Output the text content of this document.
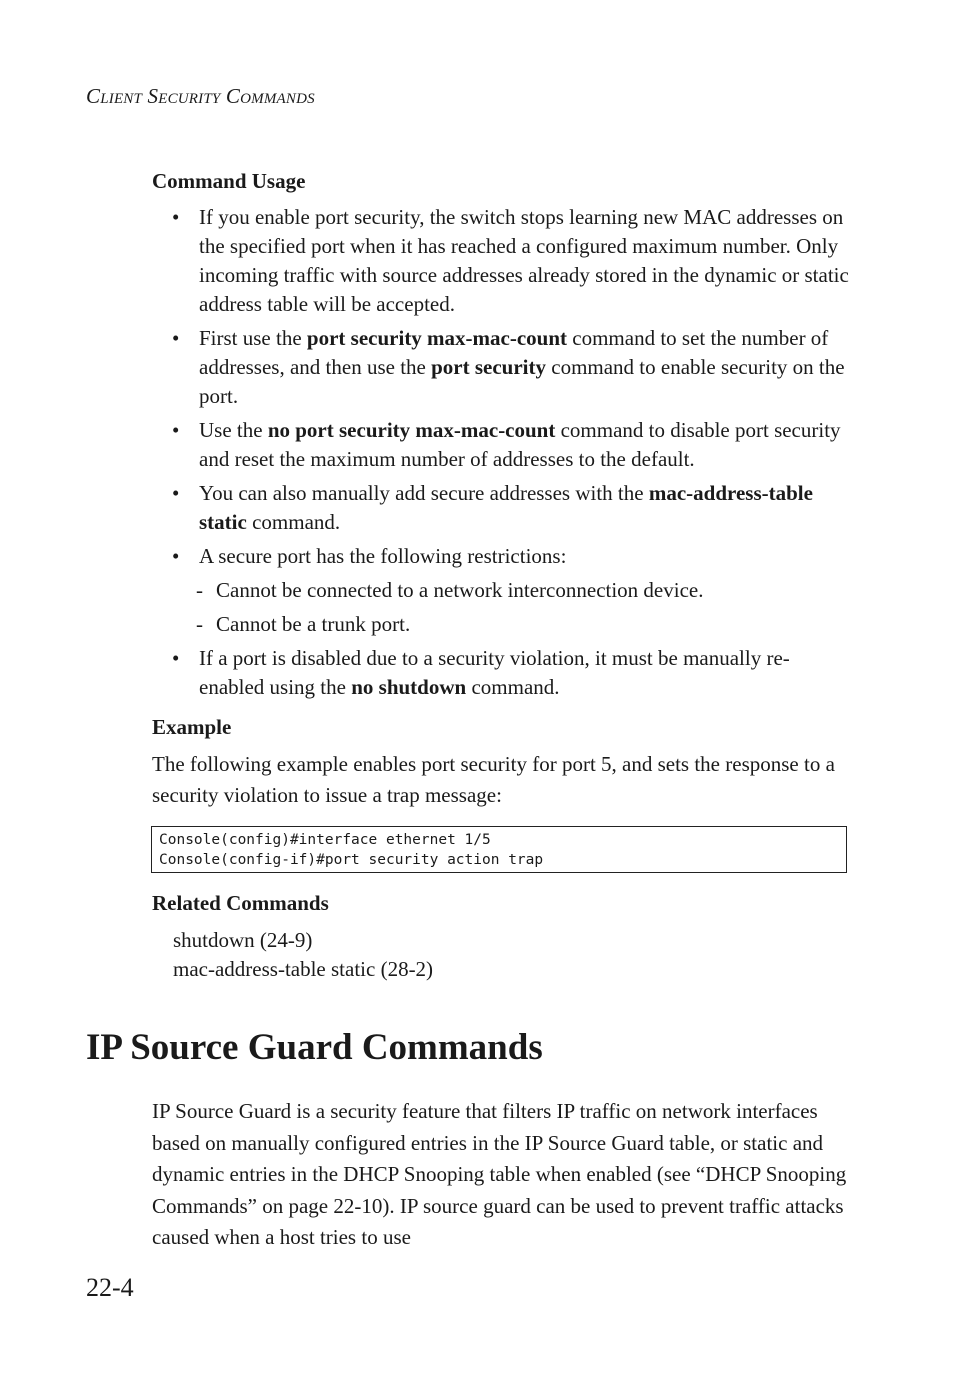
Client Security Commands
Command Usage
• If you enable port security, the switch stops learning new MAC addresses on the specified port when it has reached a configured maximum number. Only incoming traffic with source addresses already stored in the dynamic or static address table will be accepted.
• First use the port security max-mac-count command to set the number of addresses, and then use the port security command to enable security on the port.
• Use the no port security max-mac-count command to disable port security and reset the maximum number of addresses to the default.
• You can also manually add secure addresses with the mac-address-table static command.
• A secure port has the following restrictions:
- Cannot be connected to a network interconnection device.
- Cannot be a trunk port.
• If a port is disabled due to a security violation, it must be manually re-enabled using the no shutdown command.
Example
The following example enables port security for port 5, and sets the response to a security violation to issue a trap message:
Console(config)#interface ethernet 1/5
Console(config-if)#port security action trap
Related Commands
shutdown (24-9)
mac-address-table static (28-2)
IP Source Guard Commands
IP Source Guard is a security feature that filters IP traffic on network interfaces based on manually configured entries in the IP Source Guard table, or static and dynamic entries in the DHCP Snooping table when enabled (see “DHCP Snooping Commands” on page 22-10). IP source guard can be used to prevent traffic attacks caused when a host tries to use
22-4
